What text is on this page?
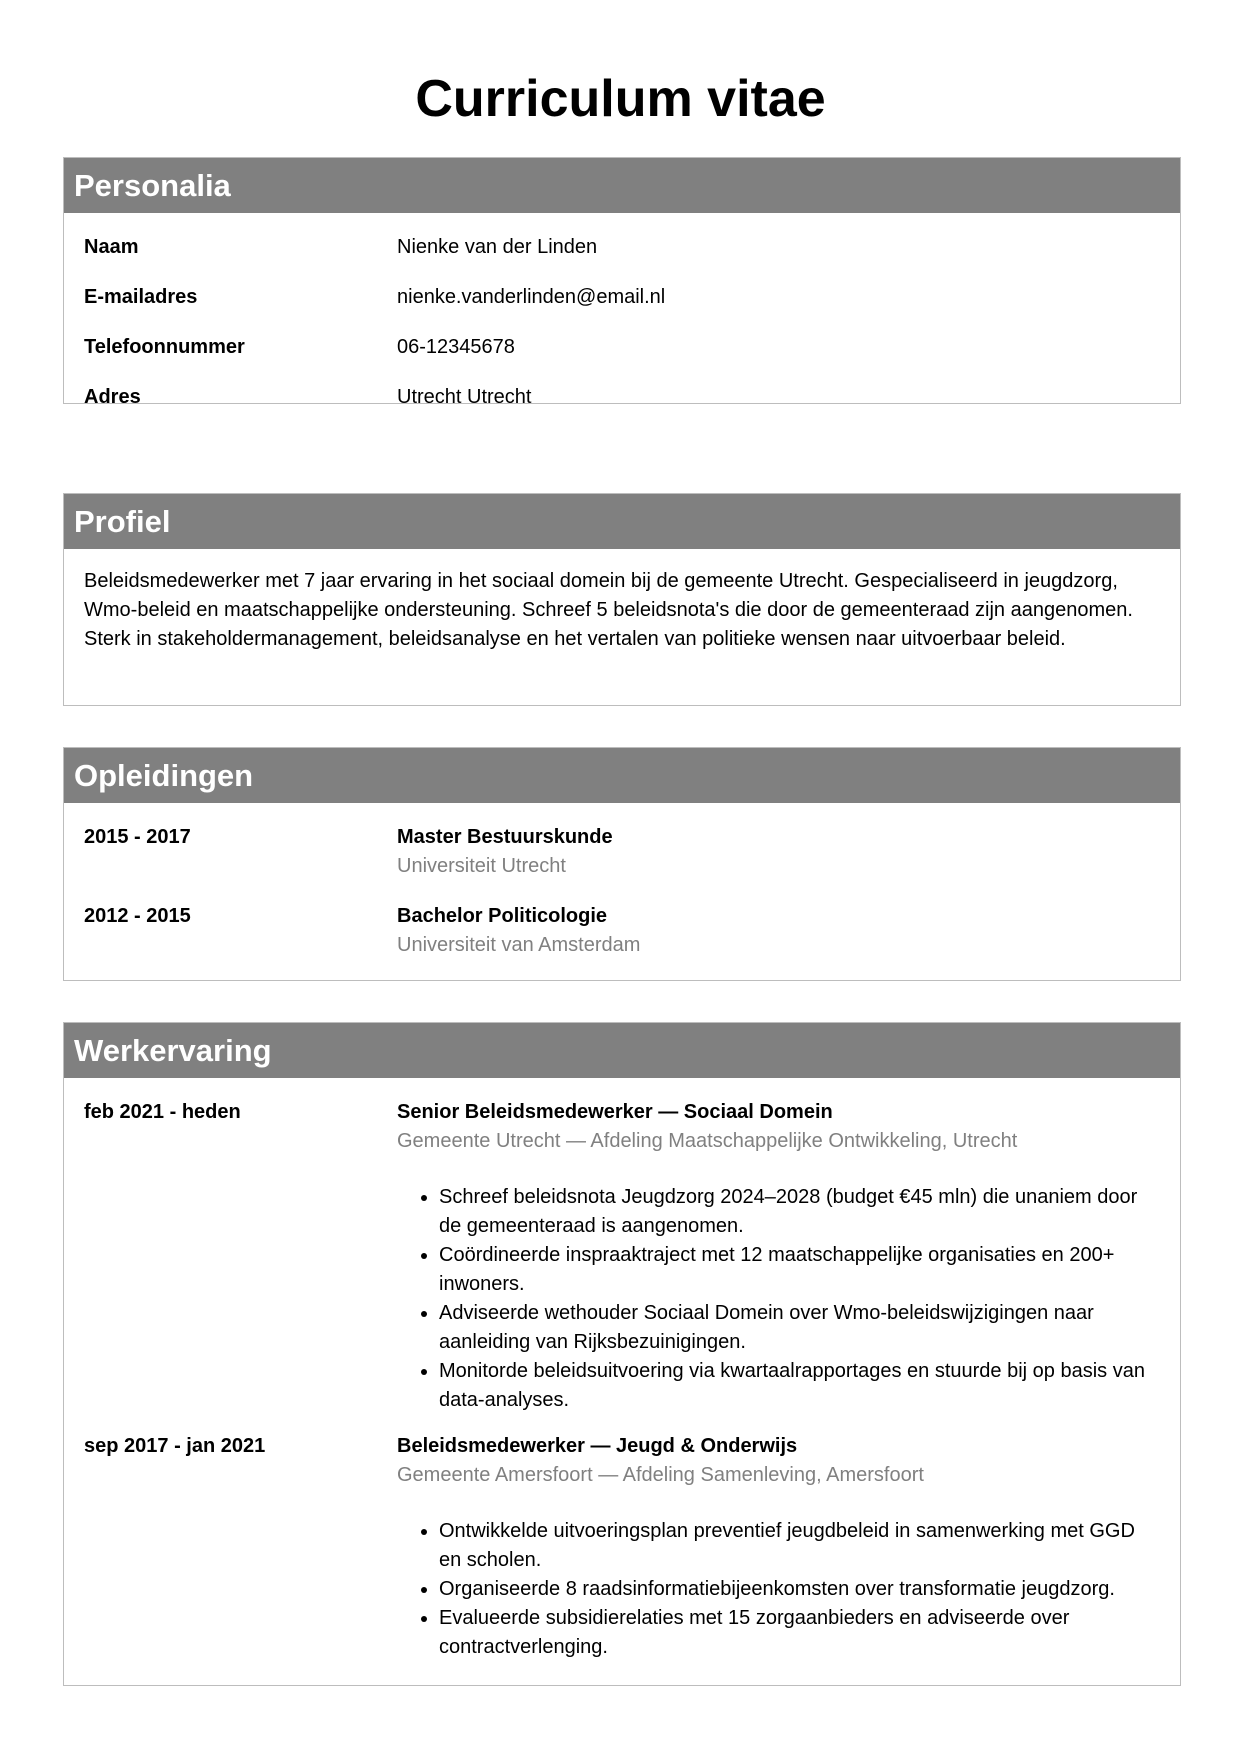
Curriculum vitae
Personalia
Naam	Nienke van der Linden
E-mailadres	nienke.vanderlinden@email.nl
Telefoonnummer	06-12345678
Adres	Utrecht Utrecht
Profiel

Beleidsmedewerker met 7 jaar ervaring in het sociaal domein bij de gemeente Utrecht. Gespecialiseerd in jeugdzorg, Wmo-beleid en maatschappelijke ondersteuning. Schreef 5 beleidsnota's die door de gemeenteraad zijn aangenomen. Sterk in stakeholdermanagement, beleidsanalyse en het vertalen van politieke wensen naar uitvoerbaar beleid.

Opleidingen
2015 - 2017	Master Bestuurskunde
Universiteit Utrecht
2012 - 2015	Bachelor Politicologie
Universiteit van Amsterdam
Werkervaring
feb 2021 - heden	Senior Beleidsmedewerker — Sociaal Domein
Gemeente Utrecht — Afdeling Maatschappelijke Ontwikkeling, Utrecht
• Schreef beleidsnota Jeugdzorg 2024–2028 (budget €45 mln) die unaniem door de gemeenteraad is aangenomen.
• Coördineerde inspraaktraject met 12 maatschappelijke organisaties en 200+ inwoners.
• Adviseerde wethouder Sociaal Domein over Wmo-beleidswijzigingen naar aanleiding van Rijksbezuinigingen.
• Monitorde beleidsuitvoering via kwartaalrapportages en stuurde bij op basis van data-analyses.
sep 2017 - jan 2021	Beleidsmedewerker — Jeugd & Onderwijs
Gemeente Amersfoort — Afdeling Samenleving, Amersfoort
• Ontwikkelde uitvoeringsplan preventief jeugdbeleid in samenwerking met GGD en scholen.
• Organiseerde 8 raadsinformatiebijeenkomsten over transformatie jeugdzorg.
• Evalueerde subsidierelaties met 15 zorgaanbieders en adviseerde over contractverlenging.
